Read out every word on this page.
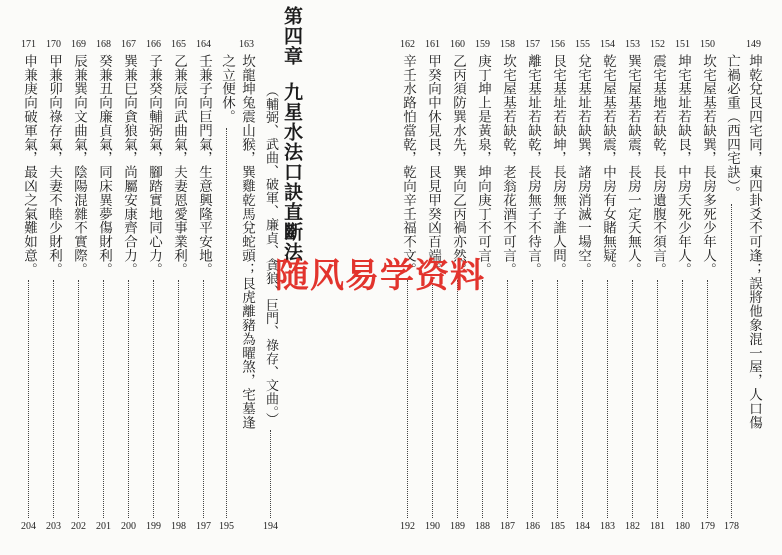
171
申兼庚向破軍氣，最凶之氣難如意。
204
170
甲兼卯向祿存氣，夫妻不睦少財利。
203
169
辰兼巽向文曲氣，陰陽混雜不實際。
202
168
癸兼丑向廉貞氣，同床異夢傷財利。
201
167
巽兼巳向貪狼氣，尚屬安康齊合力。
200
166
子兼癸向輔弼氣，腳踏實地同心力。
199
165
乙兼辰向武曲氣，夫妻恩愛事業利。
198
164
壬兼子向巨門氣，生意興隆平安地。
197
之立便休。
195
163
坎龍坤兔震山猴，巽雞乾馬兌蛇頭；艮虎離豬為曜煞，宅墓逢 （輔弼、武曲、破軍、廉貞、貪狼、巨門、祿存、文曲。）
194
第四章
九星水法口訣直斷法
162
辛壬水路怕當乾，乾向辛壬福不文。
192
161
甲癸向中休見艮，艮見甲癸凶百端。
190
160
乙丙須防巽水先，巽向乙丙禍亦然。
189
159
庚丁坤上是黃泉，坤向庚丁不可言。
188
158
坎宅屋基若缺乾，老翁花酒不可言。
187
157
離宅基址若缺乾，長房無子不待言。
186
156
艮宅基址若缺坤，長房無子誰人問。
185
155
兌宅基址若缺巽，諸房消滅一場空。
184
154
乾宅屋基若缺震，中房有女賭無疑。
183
153
巽宅屋基若缺震，長房一定夭無人。
182
152
震宅基地若缺乾，長房遺腹不須言。
181
151
坤宅基址若缺艮，中房夭死少年人。
180
150
坎宅屋基若缺巽，長房多死少年人。
179
亡禍必重（西四宅訣）。
178
149
坤乾兌艮四宅同，東四卦爻不可逢；誤將他象混一屋，人口傷
随风易学资料
